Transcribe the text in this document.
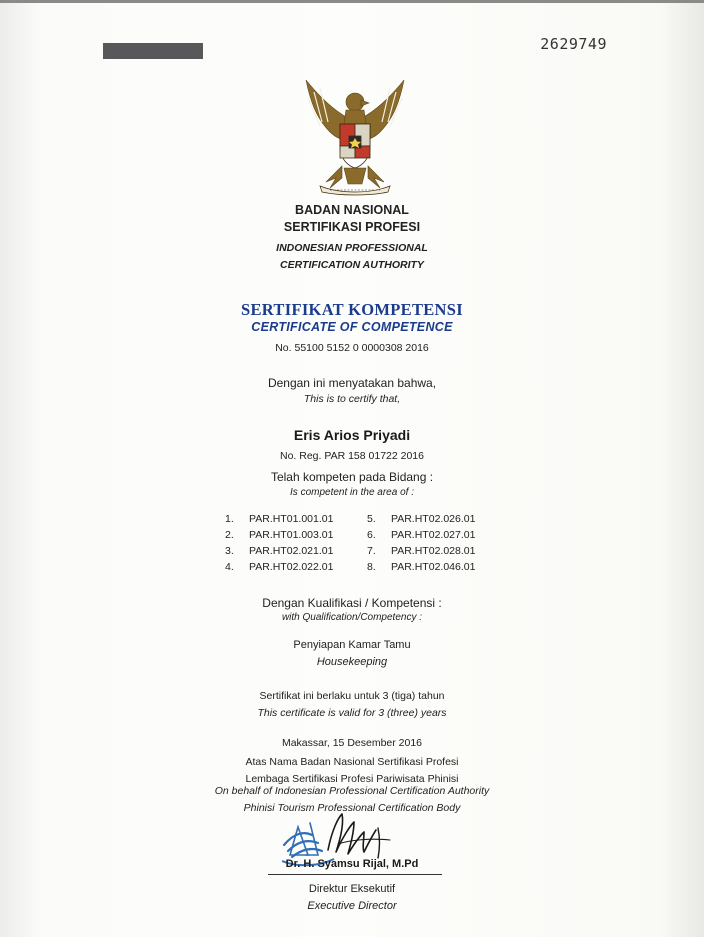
2629749
BADAN NASIONAL
SERTIFIKASI PROFESI
INDONESIAN PROFESSIONAL
CERTIFICATION AUTHORITY
SERTIFIKAT KOMPETENSI
CERTIFICATE OF COMPETENCE
No. 55100 5152 0 0000308 2016
Dengan ini menyatakan bahwa,
This is to certify that,
Eris Arios Priyadi
No. Reg. PAR 158 01722 2016
Telah kompeten pada Bidang :
Is competent in the area of :
1. PAR.HT01.001.01
2. PAR.HT01.003.01
3. PAR.HT02.021.01
4. PAR.HT02.022.01
5. PAR.HT02.026.01
6. PAR.HT02.027.01
7. PAR.HT02.028.01
8. PAR.HT02.046.01
Dengan Kualifikasi / Kompetensi :
with Qualification/Competency :
Penyiapan Kamar Tamu
Housekeeping
Sertifikat ini berlaku untuk 3 (tiga) tahun
This certificate is valid for 3 (three) years
Makassar, 15 Desember 2016
Atas Nama Badan Nasional Sertifikasi Profesi
Lembaga Sertifikasi Profesi Pariwisata Phinisi
On behalf of Indonesian Professional Certification Authority
Phinisi Tourism Professional Certification Body
Dr. H. Syamsu Rijal, M.Pd
Direktur Eksekutif
Executive Director
